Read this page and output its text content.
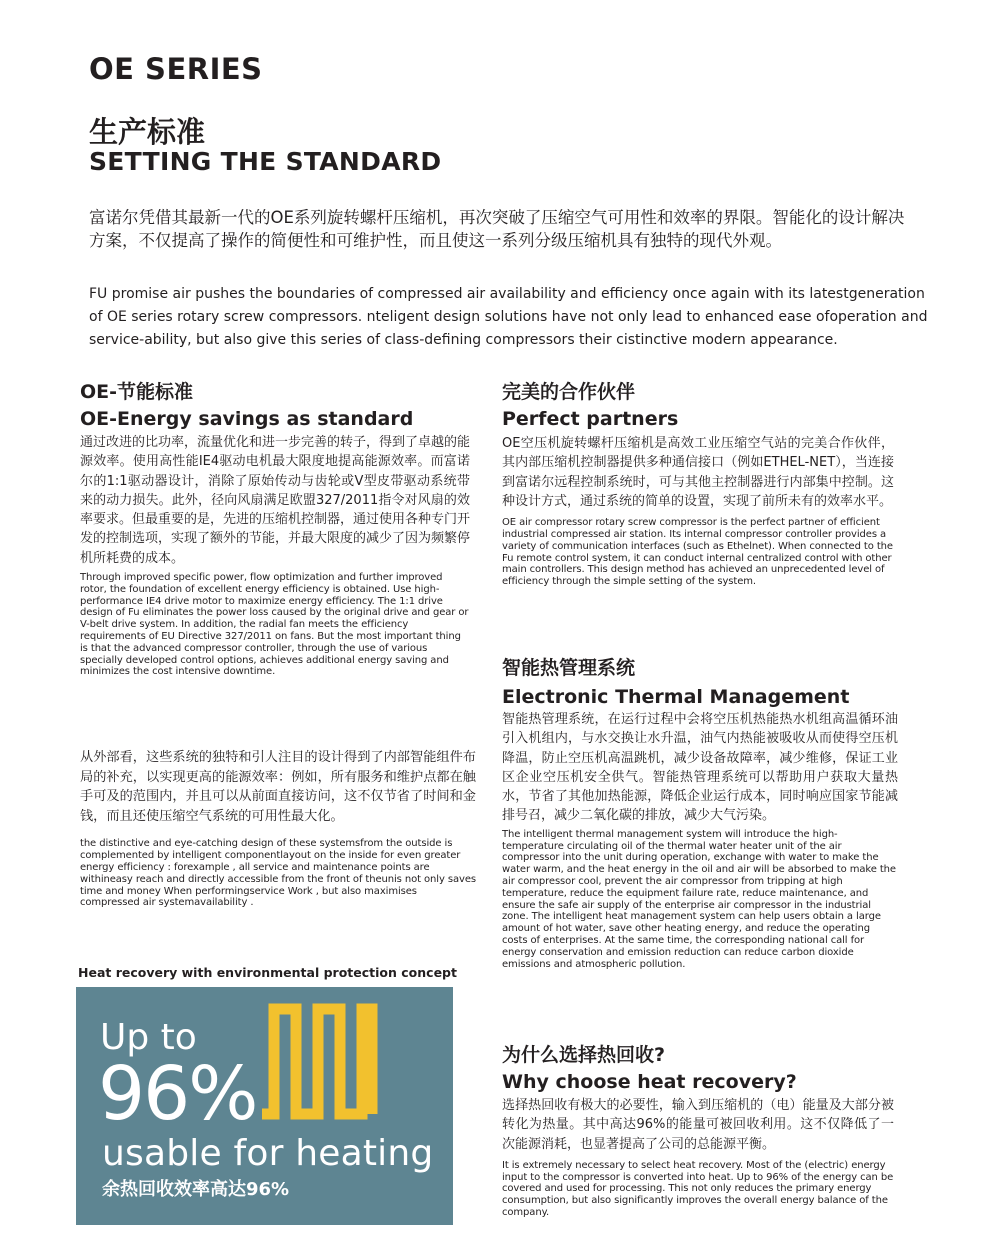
OE SERIES
生产标准
SETTING THE STANDARD

富诺尔凭借其最新一代的OE系列旋转螺杆压缩机，再次突破了压缩空气可用性和效率的界限。智能化的设计解决方案，不仅提高了操作的简便性和可维护性，而且使这一系列分级压缩机具有独特的现代外观。

FU promise air pushes the boundaries of compressed air availability and efficiency once again with its latestgeneration of OE series rotary screw compressors. nteligent design solutions have not only lead to enhanced ease ofoperation and service-ability, but also give this series of class-defining compressors their cistinctive modern appearance.

OE-节能标准
OE-Energy savings as standard

通过改进的比功率，流量优化和进一步完善的转子，得到了卓越的能源效率。使用高性能IE4驱动电机最大限度地提高能源效率。而富诺尔的1:1驱动器设计，消除了原始传动与齿轮或V型皮带驱动系统带来的动力损失。此外，径向风扇满足欧盟327/2011指令对风扇的效率要求。但最重要的是，先进的压缩机控制器，通过使用各种专门开发的控制选项，实现了额外的节能，并最大限度的减少了因为频繁停机所耗费的成本。

Through improved specific power, flow optimization and further improved rotor, the foundation of excellent energy efficiency is obtained. Use high-performance IE4 drive motor to maximize energy efficiency. The 1:1 drive design of Fu eliminates the power loss caused by the original drive and gear or V-belt drive system. In addition, the radial fan meets the efficiency requirements of EU Directive 327/2011 on fans. But the most important thing is that the advanced compressor controller, through the use of various specially developed control options, achieves additional energy saving and minimizes the cost intensive downtime.

从外部看，这些系统的独特和引人注目的设计得到了内部智能组件布局的补充，以实现更高的能源效率：例如，所有服务和维护点都在触手可及的范围内，并且可以从前面直接访问，这不仅节省了时间和金钱，而且还使压缩空气系统的可用性最大化。

the distinctive and eye-catching design of these systemsfrom the outside is complemented by intelligent componentlayout on the inside for even greater energy efficiency : forexample , all service and maintenance points are withineasy reach and directly accessible from the front of theunis not only saves time and money When performingservice Work , but also maximises compressed air systemavailability .

Heat recovery with environmental protection concept

Up to

96%

usable for heating

余热回收效率高达96%

完美的合作伙伴
Perfect partners

OE空压机旋转螺杆压缩机是高效工业压缩空气站的完美合作伙伴，其内部压缩机控制器提供多种通信接口（例如ETHEL-NET），当连接到富诺尔远程控制系统时，可与其他主控制器进行内部集中控制。这种设计方式，通过系统的简单的设置，实现了前所未有的效率水平。

OE air compressor rotary screw compressor is the perfect partner of efficient industrial compressed air station. Its internal compressor controller provides a variety of communication interfaces (such as Ethelnet). When connected to the Fu remote control system, it can conduct internal centralized control with other main controllers. This design method has achieved an unprecedented level of efficiency through the simple setting of the system.

智能热管理系统
Electronic Thermal Management

智能热管理系统，在运行过程中会将空压机热能热水机组高温循环油引入机组内，与水交换让水升温，油气内热能被吸收从而使得空压机降温，防止空压机高温跳机，减少设备故障率，减少维修，保证工业区企业空压机安全供气。智能热管理系统可以帮助用户获取大量热水，节省了其他加热能源，降低企业运行成本，同时响应国家节能减排号召，减少二氧化碳的排放，减少大气污染。

The intelligent thermal management system will introduce the high-temperature circulating oil of the thermal water heater unit of the air compressor into the unit during operation, exchange with water to make the water warm, and the heat energy in the oil and air will be absorbed to make the air compressor cool, prevent the air compressor from tripping at high temperature, reduce the equipment failure rate, reduce maintenance, and ensure the safe air supply of the enterprise air compressor in the industrial zone. The intelligent heat management system can help users obtain a large amount of hot water, save other heating energy, and reduce the operating costs of enterprises. At the same time, the corresponding national call for energy conservation and emission reduction can reduce carbon dioxide emissions and atmospheric pollution.

为什么选择热回收?
Why choose heat recovery?

选择热回收有极大的必要性，输入到压缩机的（电）能量及大部分被转化为热量。其中高达96%的能量可被回收利用。这不仅降低了一次能源消耗，也显著提高了公司的总能源平衡。

It is extremely necessary to select heat recovery. Most of the (electric) energy input to the compressor is converted into heat. Up to 96% of the energy can be covered and used for processing. This not only reduces the primary energy consumption, but also significantly improves the overall energy balance of the company.
